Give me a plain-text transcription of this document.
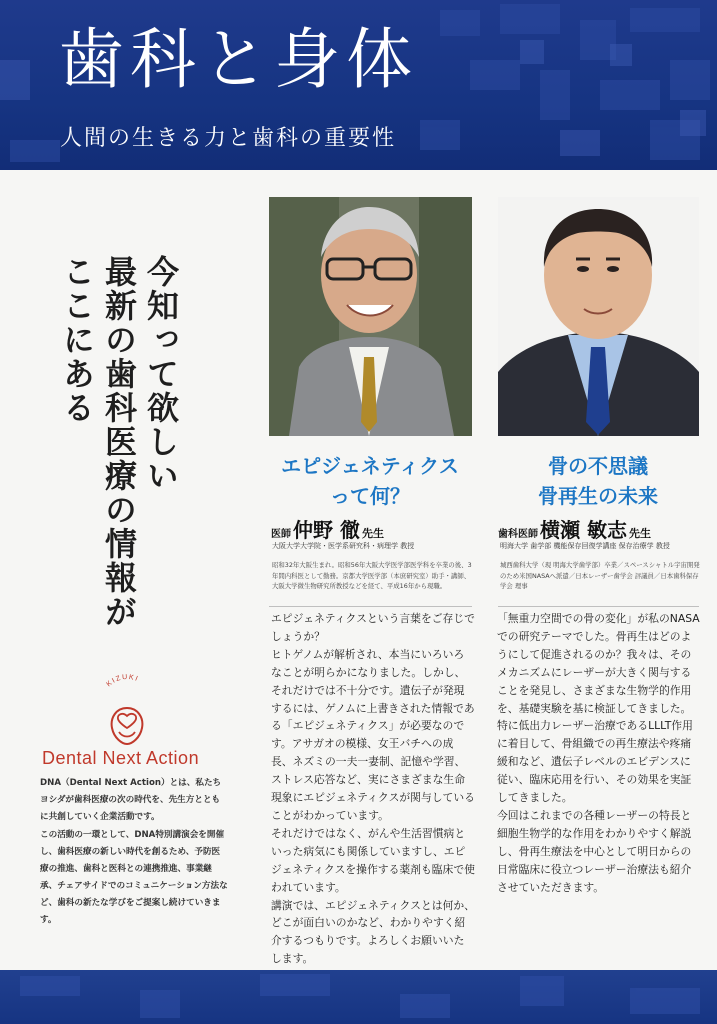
歯科と身体
人間の生きる力と歯科の重要性
今知って欲しい
最新の歯科医療の情報が
ここにある
KIZUKI
Dental Next Action

DNA（Dental Next Action）とは、私たちヨシダが歯科医療の次の時代を、先生方とともに共創していく企業活動です。

この活動の一環として、DNA特別講演会を開催し、歯科医療の新しい時代を創るため、予防医療の推進、歯科と医科との連携推進、事業継承、チェアサイドでのコミュニケーション方法など、歯科の新たな学びをご提案し続けていきます。

エピジェネティクス
って何？
骨の不思議
骨再生の未来
医師 仲野 徹 先生	歯科医師 横瀬 敏志 先生
大阪大学大学院・医学系研究科・病理学 教授	明海大学 歯学部 機能保存回復学講座 保存治療学 教授
昭和32年大阪生まれ。昭和56年大阪大学医学部医学科を卒業の後、3年間内科医として勤務。京都大学医学部（本庶研究室）助手・講師、大阪大学微生物研究所教授などを経て、平成16年から現職。
城西歯科大学（現 明海大学歯学部）卒業／スペースシャトル宇宙開発のため米国NASAへ派遣／日本レーザー歯学会 評議員／日本歯科保存学会 理事

エピジェネティクスという言葉をご存じでしょうか？

ヒトゲノムが解析され、本当にいろいろなことが明らかになりました。しかし、それだけでは不十分です。遺伝子が発現するには、ゲノムに上書きされた情報である「エピジェネティクス」が必要なのです。アサガオの模様、女王バチへの成長、ネズミの一夫一妻制、記憶や学習、ストレス応答など、実にさまざまな生命現象にエピジェネティクスが関与していることがわかっています。

それだけではなく、がんや生活習慣病といった病気にも関係していますし、エピジェネティクスを操作する薬剤も臨床で使われています。

講演では、エピジェネティクスとは何か、どこが面白いのかなど、わかりやすく紹介するつもりです。よろしくお願いいたします。

「無重力空間での骨の変化」が私のNASAでの研究テーマでした。骨再生はどのようにして促進されるのか？我々は、そのメカニズムにレーザーが大きく関与することを発見し、さまざまな生物学的作用を、基礎実験を基に検証してきました。

特に低出力レーザー治療であるLLLT作用に着目して、骨組織での再生療法や疼痛緩和など、遺伝子レベルのエビデンスに従い、臨床応用を行い、その効果を実証してきました。

今回はこれまでの各種レーザーの特長と細胞生物学的な作用をわかりやすく解説し、骨再生療法を中心として明日からの日常臨床に役立つレーザー治療法も紹介させていただきます。
